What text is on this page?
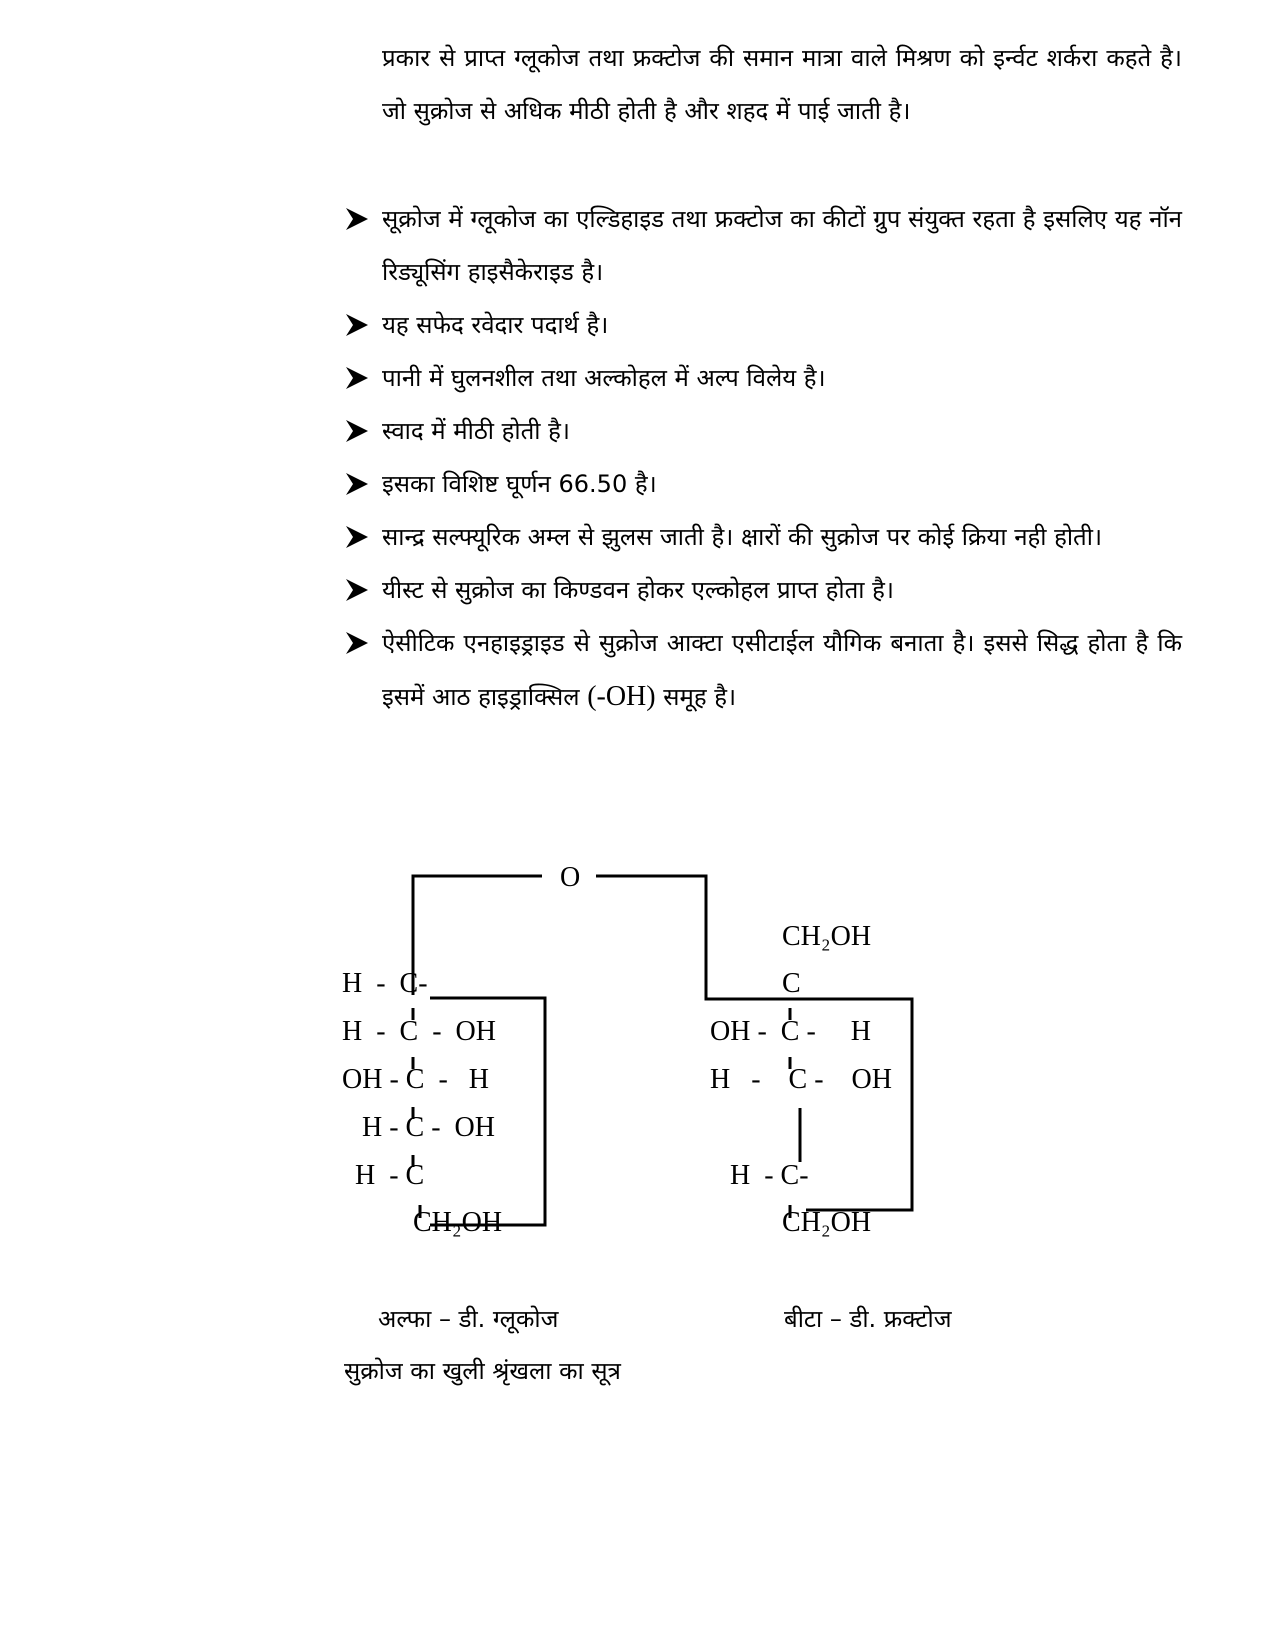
प्रकार से प्राप्त ग्लूकोज तथा फ्रक्टोज की समान मात्रा वाले मिश्रण को इर्न्वट शर्करा कहते है। जो सुक्रोज से अधिक मीठी होती है और शहद में पाई जाती है।

सूक्रोज में ग्लूकोज का एल्डिहाइड तथा फ्रक्टोज का कीटों ग्रुप संयुक्त रहता है इसलिए यह नॉन रिड्यूसिंग हाइसैकेराइड है।
यह सफेद रवेदार पदार्थ है।
पानी में घुलनशील तथा अल्कोहल में अल्प विलेय है।
स्वाद में मीठी होती है।
इसका विशिष्ट घूर्णन 66.50 है।
सान्द्र सल्फ्यूरिक अम्ल से झुलस जाती है। क्षारों की सुक्रोज पर कोई क्रिया नही होती।
यीस्ट से सुक्रोज का किण्डवन होकर एल्कोहल प्राप्त होता है।
ऐसीटिक एनहाइड्राइड से सुक्रोज आक्टा एसीटाईल यौगिक बनाता है। इससे सिद्ध होता है कि इसमें आठ हाइड्राक्सिल (-OH) समूह है।
O
H  -  C-
H  -  C  -  OH
OH - C  -   H
H - C -  OH
H  - C
CH₂OH
CH₂OH
C
OH -  C -     H
H   -    C -    OH
H  - C-
CH₂OH
अल्फा – डी. ग्लूकोज	बीटा – डी. फ्रक्टोज
सुक्रोज का खुली श्रृंखला का सूत्र
